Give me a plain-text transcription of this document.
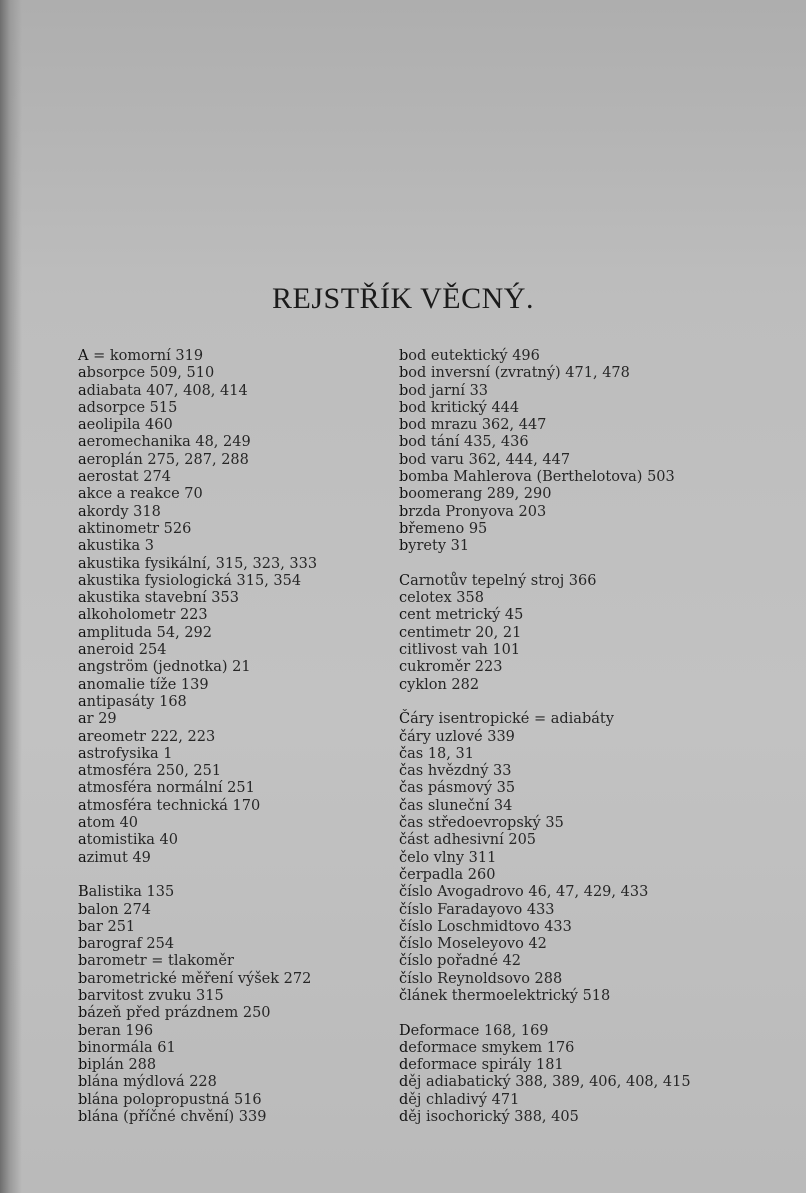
REJSTŘÍK VĚCNÝ.
A = komorní 319
absorpce 509, 510
adiabata 407, 408, 414
adsorpce 515
aeolipila 460
aeromechanika 48, 249
aeroplán 275, 287, 288
aerostat 274
akce a reakce 70
akordy 318
aktinometr 526
akustika 3
akustika fysikální, 315, 323, 333
akustika fysiologická 315, 354
akustika stavební 353
alkoholometr 223
amplituda 54, 292
aneroid 254
angström (jednotka) 21
anomalie tíže 139
antipasáty 168
ar 29
areometr 222, 223
astrofysika 1
atmosféra 250, 251
atmosféra normální 251
atmosféra technická 170
atom 40
atomistika 40
azimut 49
Balistika 135
balon 274
bar 251
barograf 254
barometr = tlakoměr
barometrické měření výšek 272
barvitost zvuku 315
bázeň před prázdnem 250
beran 196
binormála 61
biplán 288
blána mýdlová 228
blána polopropustná 516
blána (příčné chvění) 339
bod eutektický 496
bod inversní (zvratný) 471, 478
bod jarní 33
bod kritický 444
bod mrazu 362, 447
bod tání 435, 436
bod varu 362, 444, 447
bomba Mahlerova (Berthelotova) 503
boomerang 289, 290
brzda Pronyova 203
břemeno 95
byrety 31
Carnotův tepelný stroj 366
celotex 358
cent metrický 45
centimetr 20, 21
citlivost vah 101
cukroměr 223
cyklon 282
Čáry isentropické = adiabáty
čáry uzlové 339
čas 18, 31
čas hvězdný 33
čas pásmový 35
čas sluneční 34
čas středoevropský 35
část adhesivní 205
čelo vlny 311
čerpadla 260
číslo Avogadrovo 46, 47, 429, 433
číslo Faradayovo 433
číslo Loschmidtovo 433
číslo Moseleyovo 42
číslo pořadné 42
číslo Reynoldsovo 288
článek thermoelektrický 518
Deformace 168, 169
deformace smykem 176
deformace spirály 181
děj adiabatický 388, 389, 406, 408, 415
děj chladivý 471
děj isochorický 388, 405
